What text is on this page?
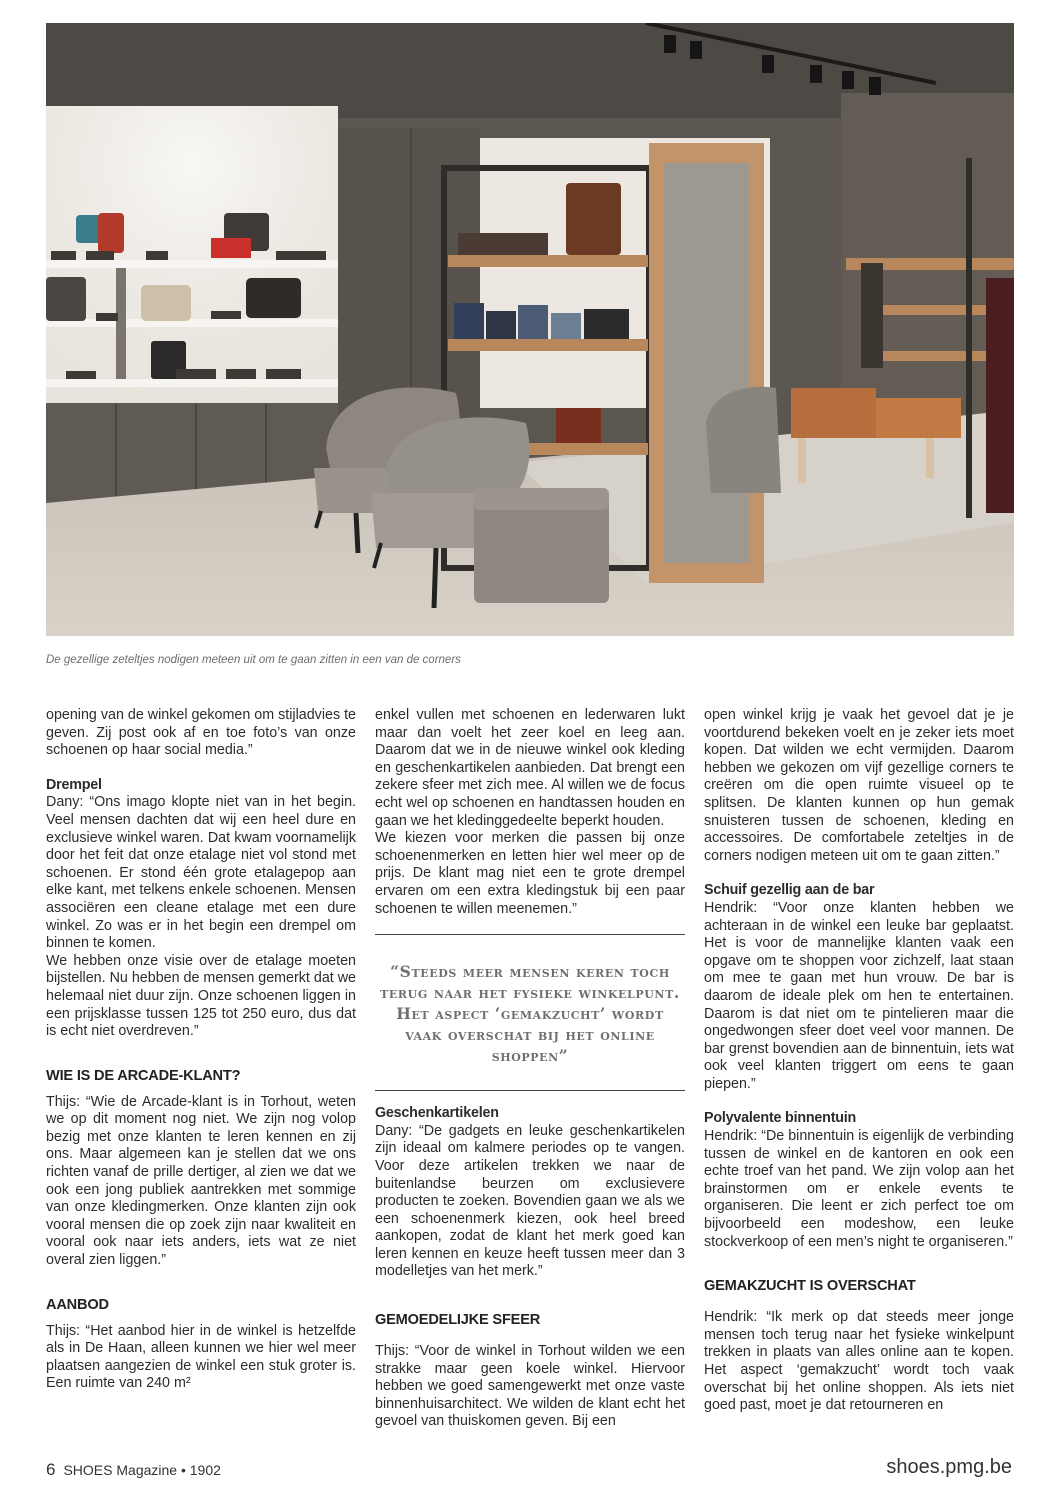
De gezellige zeteltjes nodigen meteen uit om te gaan zitten in een van de corners

opening van de winkel gekomen om stijladvies te geven. Zij post ook af en toe foto’s van onze schoenen op haar social media.”

Drempel

Dany: “Ons imago klopte niet van in het begin. Veel mensen dachten dat wij een heel dure en exclusieve winkel waren. Dat kwam voornamelijk door het feit dat onze etalage niet vol stond met schoenen. Er stond één grote etalagepop aan elke kant, met telkens enkele schoenen. Mensen associëren een cleane etalage met een dure winkel. Zo was er in het begin een drempel om binnen te komen.

We hebben onze visie over de etalage moeten bijstellen. Nu hebben de mensen gemerkt dat we helemaal niet duur zijn. Onze schoenen liggen in een prijsklasse tussen 125 tot 250 euro, dus dat is echt niet overdreven.”

WIE IS DE ARCADE-KLANT?

Thijs: “Wie de Arcade-klant is in Torhout, weten we op dit moment nog niet. We zijn nog volop bezig met onze klanten te leren kennen en zij ons. Maar algemeen kan je stellen dat we ons richten vanaf de prille dertiger, al zien we dat we ook een jong publiek aantrekken met sommige van onze kledingmerken. Onze klanten zijn ook vooral mensen die op zoek zijn naar kwaliteit en vooral ook naar iets anders, iets wat ze niet overal zien liggen.”

AANBOD

Thijs: “Het aanbod hier in de winkel is hetzelfde als in De Haan, alleen kunnen we hier wel meer plaatsen aangezien de winkel een stuk groter is. Een ruimte van 240 m²

enkel vullen met schoenen en lederwaren lukt maar dan voelt het zeer koel en leeg aan. Daarom dat we in de nieuwe winkel ook kleding en geschenkartikelen aanbieden. Dat brengt een zekere sfeer met zich mee. Al willen we de focus echt wel op schoenen en handtassen houden en gaan we het kledinggedeelte beperkt houden.

We kiezen voor merken die passen bij onze schoenenmerken en letten hier wel meer op de prijs. De klant mag niet een te grote drempel ervaren om een extra kledingstuk bij een paar schoenen te willen meenemen.”

“Steeds meer mensen keren toch terug naar het fysieke winkelpunt. Het aspect ‘gemakzucht’ wordt vaak overschat bij het online shoppen”
Geschenkartikelen

Dany: “De gadgets en leuke geschenkartikelen zijn ideaal om kalmere periodes op te vangen. Voor deze artikelen trekken we naar de buitenlandse beurzen om exclusievere producten te zoeken. Bovendien gaan we als we een schoenenmerk kiezen, ook heel breed aankopen, zodat de klant het merk goed kan leren kennen en keuze heeft tussen meer dan 3 modelletjes van het merk.”

GEMOEDELIJKE SFEER

Thijs: “Voor de winkel in Torhout wilden we een strakke maar geen koele winkel. Hiervoor hebben we goed samengewerkt met onze vaste binnenhuisarchitect. We wilden de klant echt het gevoel van thuiskomen geven. Bij een

open winkel krijg je vaak het gevoel dat je je voortdurend bekeken voelt en je zeker iets moet kopen. Dat wilden we echt vermijden. Daarom hebben we gekozen om vijf gezellige corners te creëren om die open ruimte visueel op te splitsen. De klanten kunnen op hun gemak snuisteren tussen de schoenen, kleding en accessoires. De comfortabele zeteltjes in de corners nodigen meteen uit om te gaan zitten.”

Schuif gezellig aan de bar

Hendrik: “Voor onze klanten hebben we achteraan in de winkel een leuke bar geplaatst. Het is voor de mannelijke klanten vaak een opgave om te shoppen voor zichzelf, laat staan om mee te gaan met hun vrouw. De bar is daarom de ideale plek om hen te entertainen. Daarom is dat niet om te pintelieren maar die ongedwongen sfeer doet veel voor mannen. De bar grenst bovendien aan de binnentuin, iets wat ook veel klanten triggert om eens te gaan piepen.”

Polyvalente binnentuin

Hendrik: “De binnentuin is eigenlijk de verbinding tussen de winkel en de kantoren en ook een echte troef van het pand. We zijn volop aan het brainstormen om er enkele events te organiseren. Die leent er zich perfect toe om bijvoorbeeld een modeshow, een leuke stockverkoop of een men’s night te organiseren.”

GEMAKZUCHT IS OVERSCHAT

Hendrik: “Ik merk op dat steeds meer jonge mensen toch terug naar het fysieke winkelpunt trekken in plaats van alles online aan te kopen. Het aspect ‘gemakzucht’ wordt toch vaak overschat bij het online shoppen. Als iets niet goed past, moet je dat retourneren en

6 SHOES Magazine • 1902	shoes.pmg.be
